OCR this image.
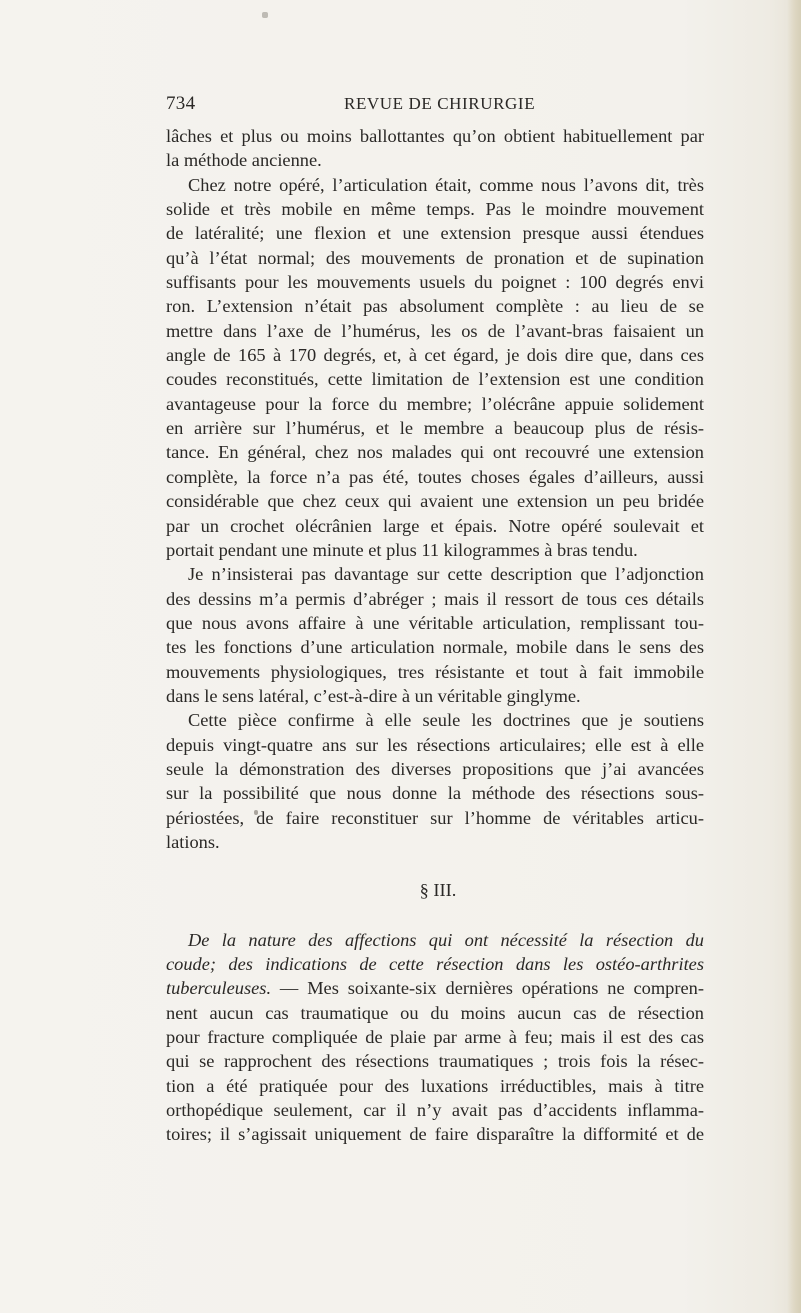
734	REVUE DE CHIRURGIE
lâches et plus ou moins ballottantes qu’on obtient habituellement par
la méthode ancienne.
Chez notre opéré, l’articulation était, comme nous l’avons dit, très
solide et très mobile en même temps. Pas le moindre mouvement
de latéralité; une flexion et une extension presque aussi étendues
qu’à l’état normal; des mouvements de pronation et de supination
suffisants pour les mouvements usuels du poignet : 100 degrés envi
ron. L’extension n’était pas absolument complète : au lieu de se
mettre dans l’axe de l’humérus, les os de l’avant-bras faisaient un
angle de 165 à 170 degrés, et, à cet égard, je dois dire que, dans ces
coudes reconstitués, cette limitation de l’extension est une condition
avantageuse pour la force du membre; l’olécrâne appuie solidement
en arrière sur l’humérus, et le membre a beaucoup plus de résis-
tance. En général, chez nos malades qui ont recouvré une extension
complète, la force n’a pas été, toutes choses égales d’ailleurs, aussi
considérable que chez ceux qui avaient une extension un peu bridée
par un crochet olécrânien large et épais. Notre opéré soulevait et
portait pendant une minute et plus 11 kilogrammes à bras tendu.
Je n’insisterai pas davantage sur cette description que l’adjonction
des dessins m’a permis d’abréger ; mais il ressort de tous ces détails
que nous avons affaire à une véritable articulation, remplissant tou-
tes les fonctions d’une articulation normale, mobile dans le sens des
mouvements physiologiques, tres résistante et tout à fait immobile
dans le sens latéral, c’est-à-dire à un véritable ginglyme.
Cette pièce confirme à elle seule les doctrines que je soutiens
depuis vingt-quatre ans sur les résections articulaires; elle est à elle
seule la démonstration des diverses propositions que j’ai avancées
sur la possibilité que nous donne la méthode des résections sous-
périostées, de faire reconstituer sur l’homme de véritables articu-
lations.
§ III.
De la nature des affections qui ont nécessité la résection du
coude; des indications de cette résection dans les ostéo-arthrites
tuberculeuses. — Mes soixante-six dernières opérations ne compren-
nent aucun cas traumatique ou du moins aucun cas de résection
pour fracture compliquée de plaie par arme à feu; mais il est des cas
qui se rapprochent des résections traumatiques ; trois fois la résec-
tion a été pratiquée pour des luxations irréductibles, mais à titre
orthopédique seulement, car il n’y avait pas d’accidents inflamma-
toires; il s’agissait uniquement de faire disparaître la difformité et de
